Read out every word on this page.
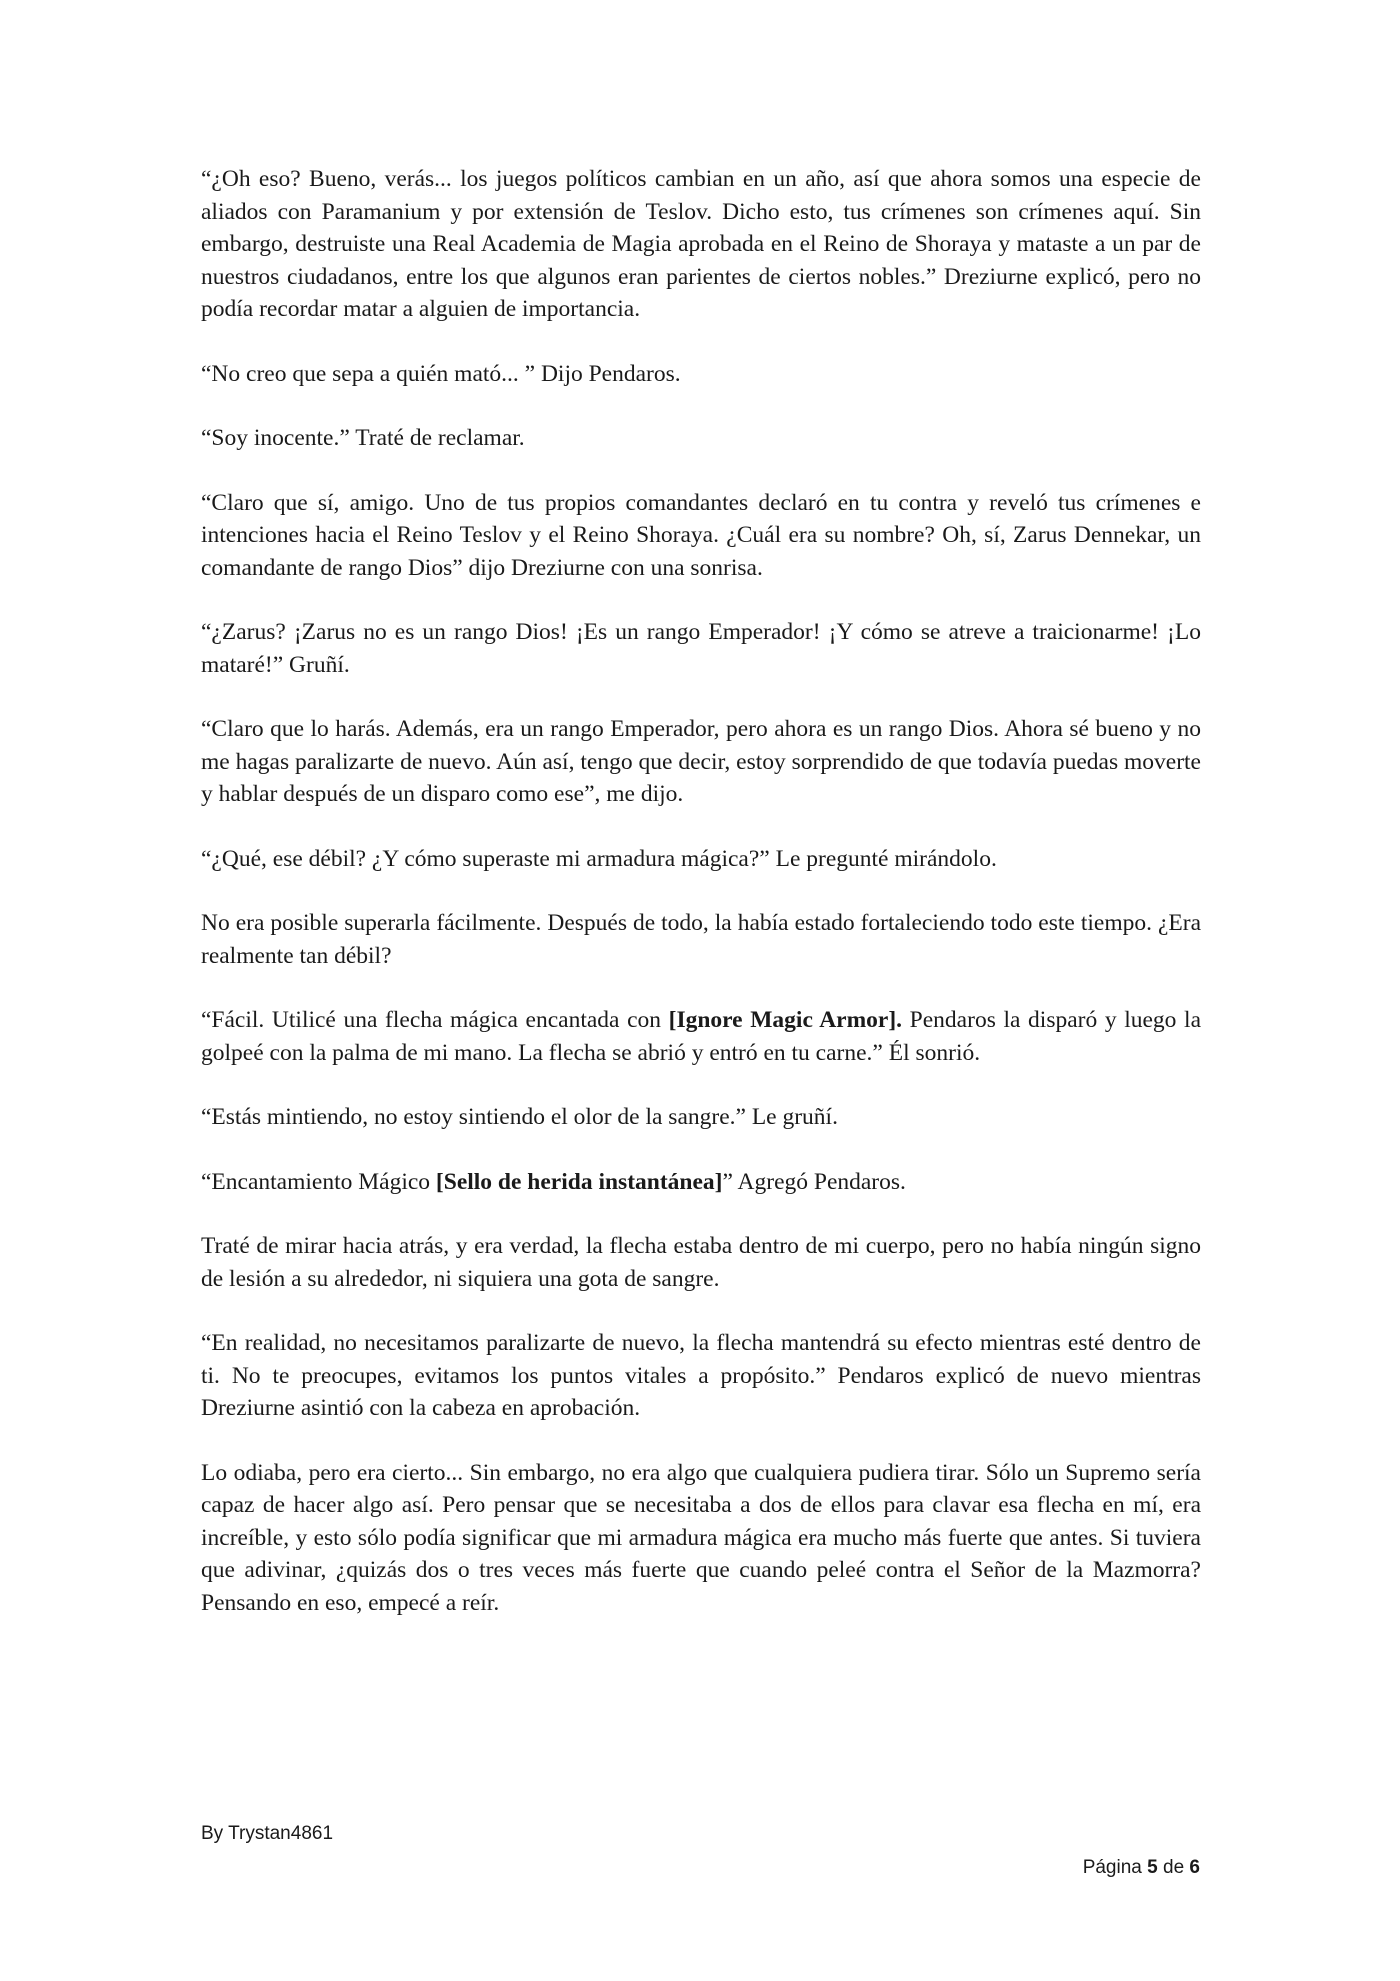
“¿Oh eso? Bueno, verás... los juegos políticos cambian en un año, así que ahora somos una especie de aliados con Paramanium y por extensión de Teslov. Dicho esto, tus crímenes son crímenes aquí. Sin embargo, destruiste una Real Academia de Magia aprobada en el Reino de Shoraya y mataste a un par de nuestros ciudadanos, entre los que algunos eran parientes de ciertos nobles.” Dreziurne explicó, pero no podía recordar matar a alguien de importancia.

“No creo que sepa a quién mató... ” Dijo Pendaros.

“Soy inocente.” Traté de reclamar.

“Claro que sí, amigo. Uno de tus propios comandantes declaró en tu contra y reveló tus crímenes e intenciones hacia el Reino Teslov y el Reino Shoraya. ¿Cuál era su nombre? Oh, sí, Zarus Dennekar, un comandante de rango Dios” dijo Dreziurne con una sonrisa.

“¿Zarus? ¡Zarus no es un rango Dios! ¡Es un rango Emperador! ¡Y cómo se atreve a traicionarme! ¡Lo mataré!” Gruñí.

“Claro que lo harás. Además, era un rango Emperador, pero ahora es un rango Dios. Ahora sé bueno y no me hagas paralizarte de nuevo. Aún así, tengo que decir, estoy sorprendido de que todavía puedas moverte y hablar después de un disparo como ese”, me dijo.

“¿Qué, ese débil? ¿Y cómo superaste mi armadura mágica?” Le pregunté mirándolo.

No era posible superarla fácilmente. Después de todo, la había estado fortaleciendo todo este tiempo. ¿Era realmente tan débil?

“Fácil. Utilicé una flecha mágica encantada con [Ignore Magic Armor]. Pendaros la disparó y luego la golpeé con la palma de mi mano. La flecha se abrió y entró en tu carne.” Él sonrió.

“Estás mintiendo, no estoy sintiendo el olor de la sangre.” Le gruñí.

“Encantamiento Mágico [Sello de herida instantánea]” Agregó Pendaros.

Traté de mirar hacia atrás, y era verdad, la flecha estaba dentro de mi cuerpo, pero no había ningún signo de lesión a su alrededor, ni siquiera una gota de sangre.

“En realidad, no necesitamos paralizarte de nuevo, la flecha mantendrá su efecto mientras esté dentro de ti. No te preocupes, evitamos los puntos vitales a propósito.” Pendaros explicó de nuevo mientras Dreziurne asintió con la cabeza en aprobación.

Lo odiaba, pero era cierto... Sin embargo, no era algo que cualquiera pudiera tirar. Sólo un Supremo sería capaz de hacer algo así. Pero pensar que se necesitaba a dos de ellos para clavar esa flecha en mí, era increíble, y esto sólo podía significar que mi armadura mágica era mucho más fuerte que antes. Si tuviera que adivinar, ¿quizás dos o tres veces más fuerte que cuando peleé contra el Señor de la Mazmorra? Pensando en eso, empecé a reír.

By Trystan4861
Página 5 de 6
